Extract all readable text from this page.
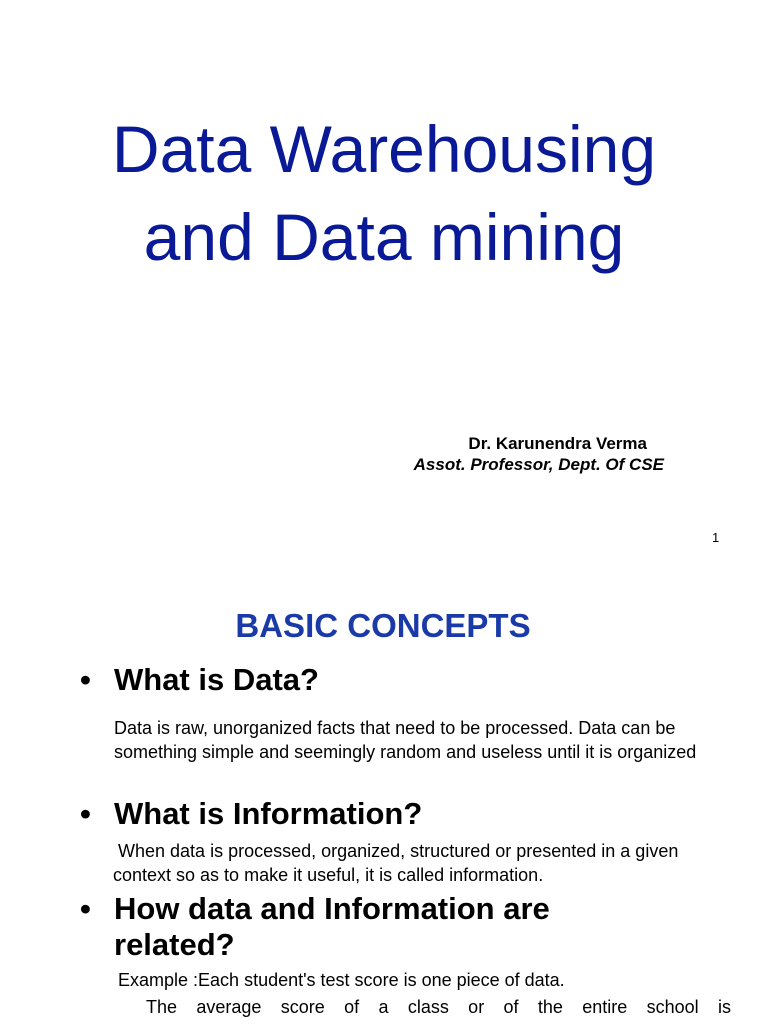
Data Warehousing
and Data mining
Dr. Karunendra Verma
Assot. Professor, Dept. Of CSE
1
BASIC CONCEPTS
• What is Data?
Data is raw, unorganized facts that need to be processed. Data can be something simple and seemingly random and useless until it is organized
• What is Information?
When data is processed, organized, structured or presented in a given context so as to make it useful, it is called information.
• How data and Information are related?
Example :Each student's test score is one piece of data.
The average score of a class or of the entire school is
